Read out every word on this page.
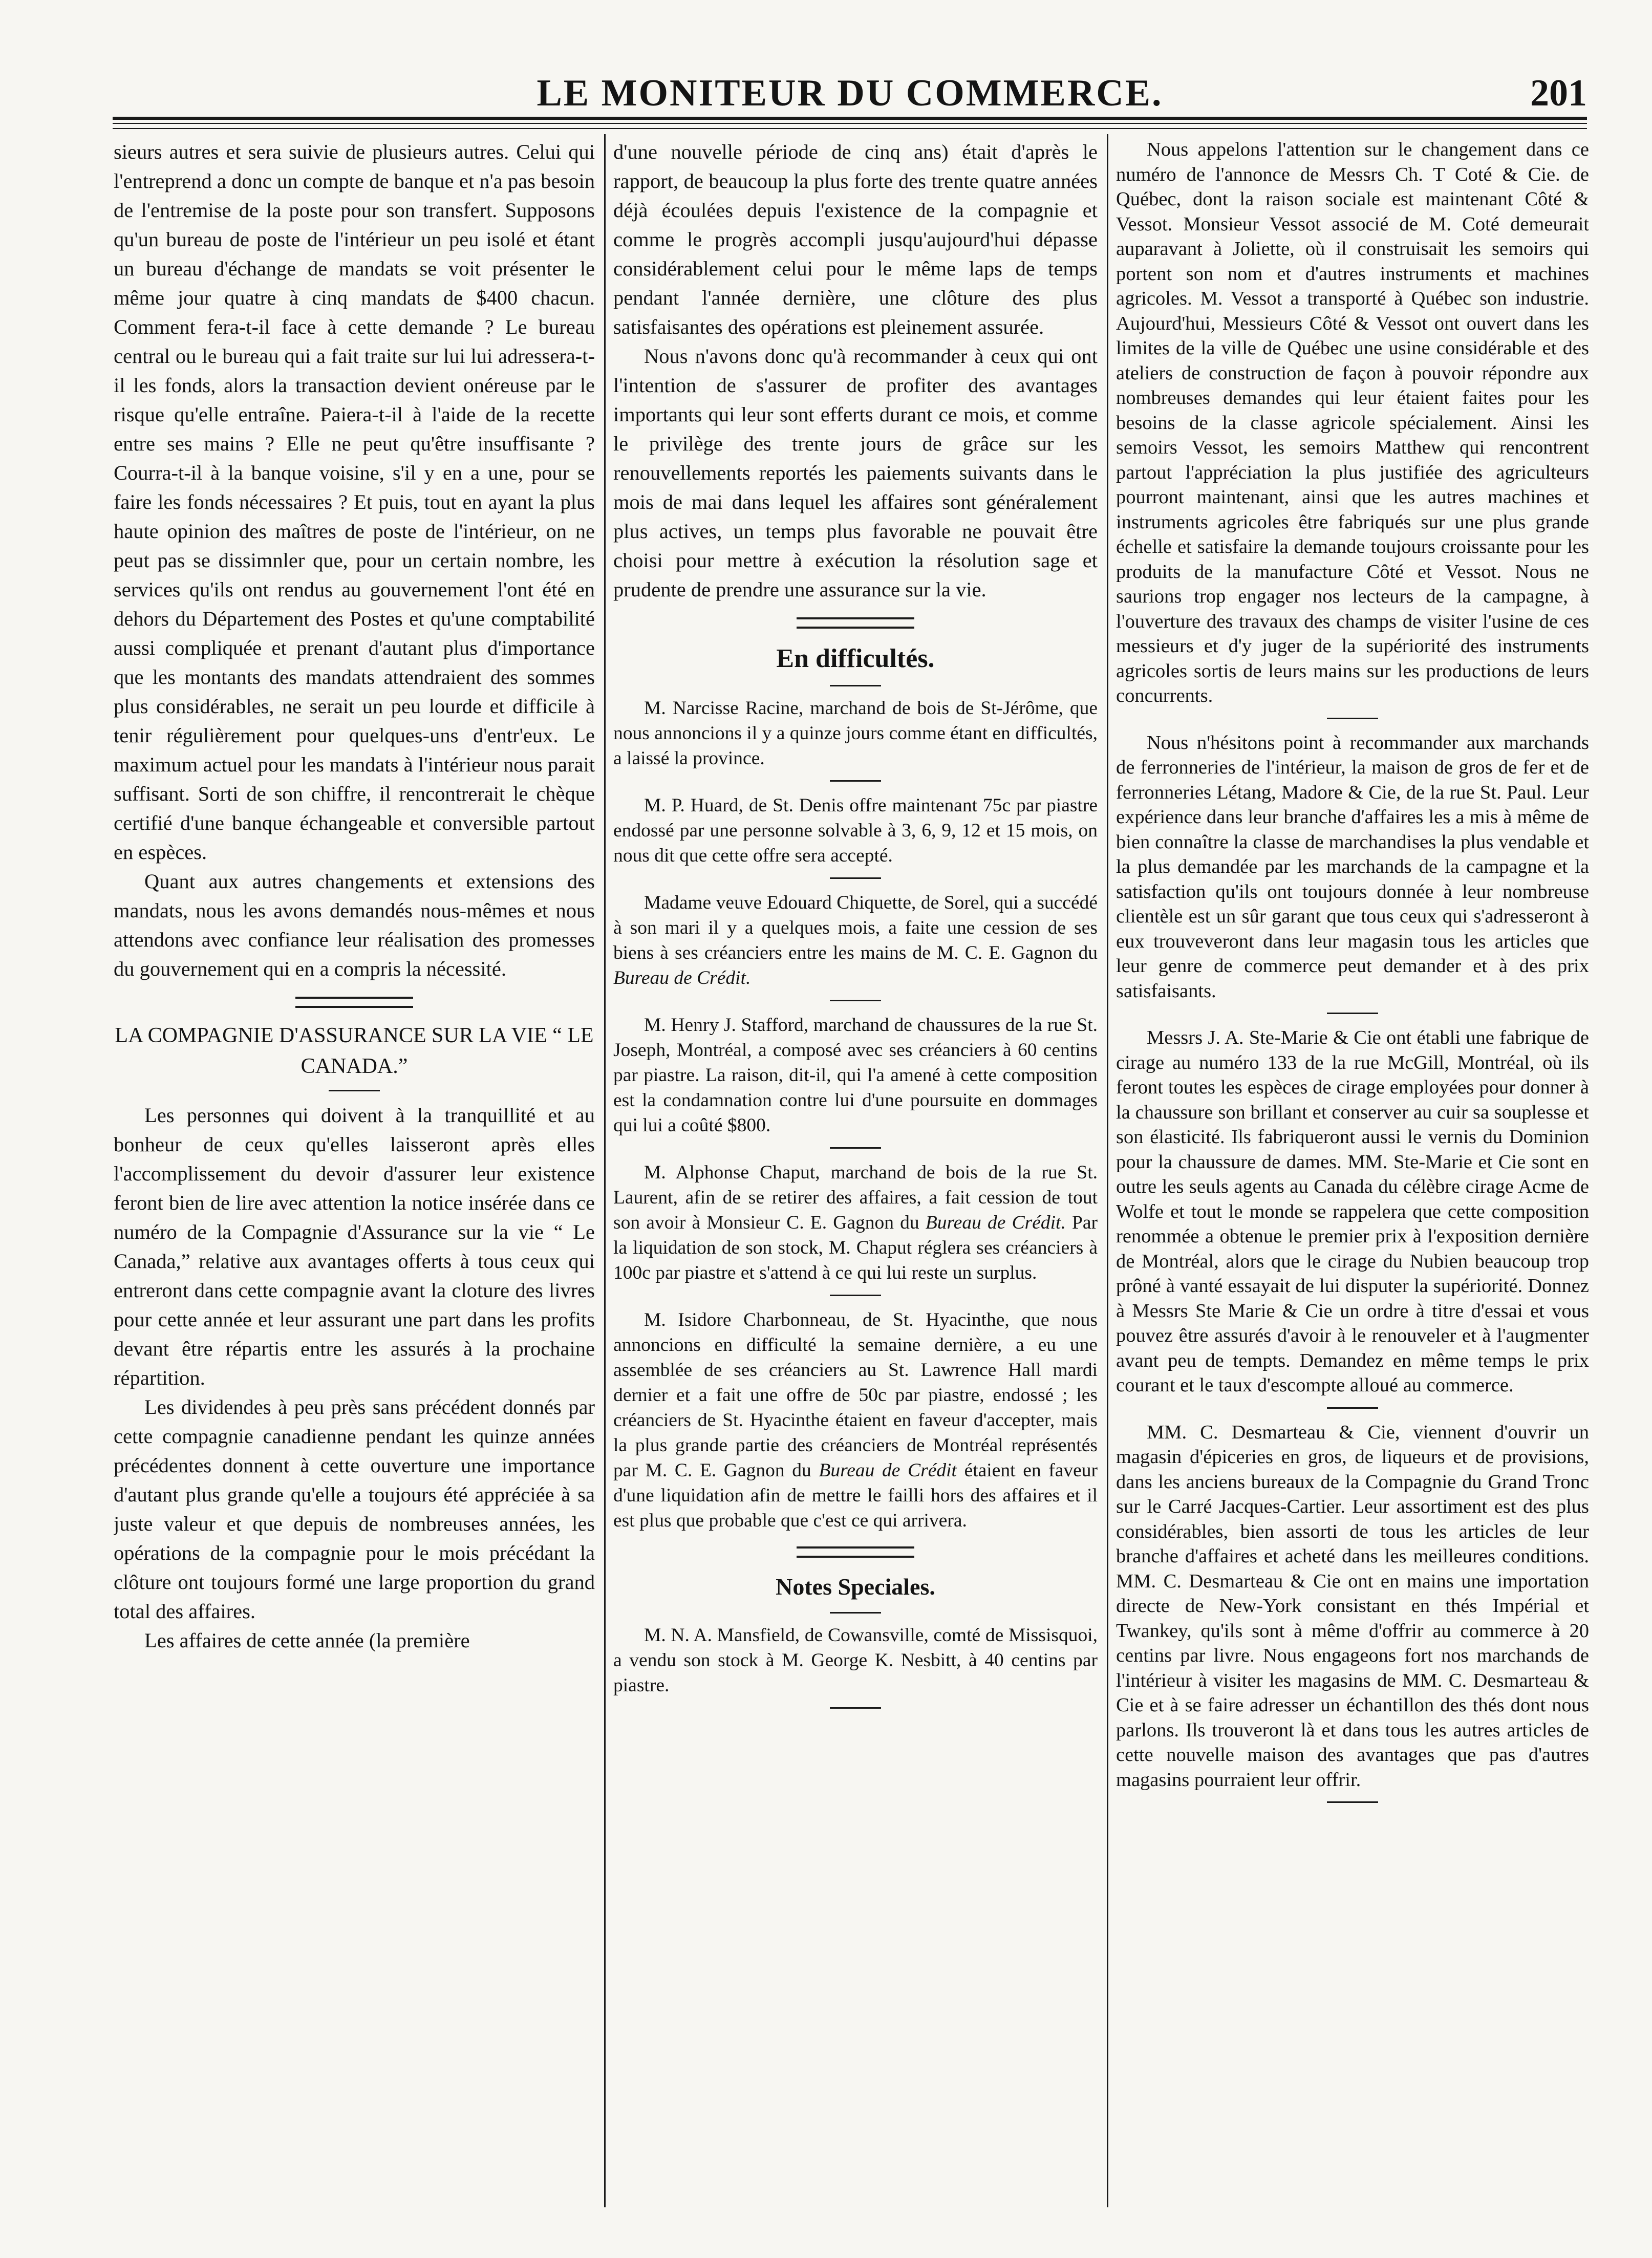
LE MONITEUR DU COMMERCE.	201

sieurs autres et sera suivie de plusieurs autres. Celui qui l'entreprend a donc un compte de banque et n'a pas besoin de l'entremise de la poste pour son transfert. Supposons qu'un bureau de poste de l'intérieur un peu isolé et étant un bureau d'échange de mandats se voit présenter le même jour quatre à cinq mandats de $400 chacun. Comment fera-t-il face à cette demande ? Le bureau central ou le bureau qui a fait traite sur lui lui adressera-t-il les fonds, alors la transaction devient onéreuse par le risque qu'elle entraîne. Paiera-t-il à l'aide de la recette entre ses mains ? Elle ne peut qu'être insuffisante ? Courra-t-il à la banque voisine, s'il y en a une, pour se faire les fonds nécessaires ? Et puis, tout en ayant la plus haute opinion des maîtres de poste de l'intérieur, on ne peut pas se dissimnler que, pour un certain nombre, les services qu'ils ont rendus au gouvernement l'ont été en dehors du Département des Postes et qu'une comptabilité aussi compliquée et prenant d'autant plus d'importance que les montants des mandats attendraient des sommes plus considérables, ne serait un peu lourde et difficile à tenir régulièrement pour quelques-uns d'entr'eux. Le maximum actuel pour les mandats à l'intérieur nous parait suffisant. Sorti de son chiffre, il rencontrerait le chèque certifié d'une banque échangeable et conversible partout en espèces.

Quant aux autres changements et extensions des mandats, nous les avons demandés nous-mêmes et nous attendons avec confiance leur réalisation des promesses du gouvernement qui en a compris la nécessité.

LA COMPAGNIE D'ASSURANCE SUR LA VIE “ LE CANADA.”

Les personnes qui doivent à la tranquillité et au bonheur de ceux qu'elles laisseront après elles l'accomplissement du devoir d'assurer leur existence feront bien de lire avec attention la notice insérée dans ce numéro de la Compagnie d'Assurance sur la vie “ Le Canada,” relative aux avantages offerts à tous ceux qui entreront dans cette compagnie avant la cloture des livres pour cette année et leur assurant une part dans les profits devant être répartis entre les assurés à la prochaine répartition.

Les dividendes à peu près sans précédent donnés par cette compagnie canadienne pendant les quinze années précédentes donnent à cette ouverture une importance d'autant plus grande qu'elle a toujours été appréciée à sa juste valeur et que depuis de nombreuses années, les opérations de la compagnie pour le mois précédant la clôture ont toujours formé une large proportion du grand total des affaires.

Les affaires de cette année (la première

d'une nouvelle période de cinq ans) était d'après le rapport, de beaucoup la plus forte des trente quatre années déjà écoulées depuis l'existence de la compagnie et comme le progrès accompli jusqu'aujourd'hui dépasse considérablement celui pour le même laps de temps pendant l'année dernière, une clôture des plus satisfaisantes des opérations est pleinement assurée.

Nous n'avons donc qu'à recommander à ceux qui ont l'intention de s'assurer de profiter des avantages importants qui leur sont efferts durant ce mois, et comme le privilège des trente jours de grâce sur les renouvellements reportés les paiements suivants dans le mois de mai dans lequel les affaires sont généralement plus actives, un temps plus favorable ne pouvait être choisi pour mettre à exécution la résolution sage et prudente de prendre une assurance sur la vie.

En difficultés.

M. Narcisse Racine, marchand de bois de St-Jérôme, que nous annoncions il y a quinze jours comme étant en difficultés, a laissé la province.

M. P. Huard, de St. Denis offre maintenant 75c par piastre endossé par une personne solvable à 3, 6, 9, 12 et 15 mois, on nous dit que cette offre sera accepté.

Madame veuve Edouard Chiquette, de Sorel, qui a succédé à son mari il y a quelques mois, a faite une cession de ses biens à ses créanciers entre les mains de M. C. E. Gagnon du Bureau de Crédit.

M. Henry J. Stafford, marchand de chaussures de la rue St. Joseph, Montréal, a composé avec ses créanciers à 60 centins par piastre. La raison, dit-il, qui l'a amené à cette composition est la condamnation contre lui d'une poursuite en dommages qui lui a coûté $800.

M. Alphonse Chaput, marchand de bois de la rue St. Laurent, afin de se retirer des affaires, a fait cession de tout son avoir à Monsieur C. E. Gagnon du Bureau de Crédit. Par la liquidation de son stock, M. Chaput réglera ses créanciers à 100c par piastre et s'attend à ce qui lui reste un surplus.

M. Isidore Charbonneau, de St. Hyacinthe, que nous annoncions en difficulté la semaine dernière, a eu une assemblée de ses créanciers au St. Lawrence Hall mardi dernier et a fait une offre de 50c par piastre, endossé ; les créanciers de St. Hyacinthe étaient en faveur d'accepter, mais la plus grande partie des créanciers de Montréal représentés par M. C. E. Gagnon du Bureau de Crédit étaient en faveur d'une liquidation afin de mettre le failli hors des affaires et il est plus que probable que c'est ce qui arrivera.

Notes Speciales.

M. N. A. Mansfield, de Cowansville, comté de Missisquoi, a vendu son stock à M. George K. Nesbitt, à 40 centins par piastre.

Nous appelons l'attention sur le changement dans ce numéro de l'annonce de Messrs Ch. T Coté & Cie. de Québec, dont la raison sociale est maintenant Côté & Vessot. Monsieur Vessot associé de M. Coté demeurait auparavant à Joliette, où il construisait les semoirs qui portent son nom et d'autres instruments et machines agricoles. M. Vessot a transporté à Québec son industrie. Aujourd'hui, Messieurs Côté & Vessot ont ouvert dans les limites de la ville de Québec une usine considérable et des ateliers de construction de façon à pouvoir répondre aux nombreuses demandes qui leur étaient faites pour les besoins de la classe agricole spécialement. Ainsi les semoirs Vessot, les semoirs Matthew qui rencontrent partout l'appréciation la plus justifiée des agriculteurs pourront maintenant, ainsi que les autres machines et instruments agricoles être fabriqués sur une plus grande échelle et satisfaire la demande toujours croissante pour les produits de la manufacture Côté et Vessot. Nous ne saurions trop engager nos lecteurs de la campagne, à l'ouverture des travaux des champs de visiter l'usine de ces messieurs et d'y juger de la supériorité des instruments agricoles sortis de leurs mains sur les productions de leurs concurrents.

Nous n'hésitons point à recommander aux marchands de ferronneries de l'intérieur, la maison de gros de fer et de ferronneries Létang, Madore & Cie, de la rue St. Paul. Leur expérience dans leur branche d'affaires les a mis à même de bien connaître la classe de marchandises la plus vendable et la plus demandée par les marchands de la campagne et la satisfaction qu'ils ont toujours donnée à leur nombreuse clientèle est un sûr garant que tous ceux qui s'adresseront à eux trouveveront dans leur magasin tous les articles que leur genre de commerce peut demander et à des prix satisfaisants.

Messrs J. A. Ste-Marie & Cie ont établi une fabrique de cirage au numéro 133 de la rue McGill, Montréal, où ils feront toutes les espèces de cirage employées pour donner à la chaussure son brillant et conserver au cuir sa souplesse et son élasticité. Ils fabriqueront aussi le vernis du Dominion pour la chaussure de dames. MM. Ste-Marie et Cie sont en outre les seuls agents au Canada du célèbre cirage Acme de Wolfe et tout le monde se rappelera que cette composition renommée a obtenue le premier prix à l'exposition dernière de Montréal, alors que le cirage du Nubien beaucoup trop prôné à vanté essayait de lui disputer la supériorité. Donnez à Messrs Ste Marie & Cie un ordre à titre d'essai et vous pouvez être assurés d'avoir à le renouveler et à l'augmenter avant peu de tempts. Demandez en même temps le prix courant et le taux d'escompte alloué au commerce.

MM. C. Desmarteau & Cie, viennent d'ouvrir un magasin d'épiceries en gros, de liqueurs et de provisions, dans les anciens bureaux de la Compagnie du Grand Tronc sur le Carré Jacques-Cartier. Leur assortiment est des plus considérables, bien assorti de tous les articles de leur branche d'affaires et acheté dans les meilleures conditions. MM. C. Desmarteau & Cie ont en mains une importation directe de New-York consistant en thés Impérial et Twankey, qu'ils sont à même d'offrir au commerce à 20 centins par livre. Nous engageons fort nos marchands de l'intérieur à visiter les magasins de MM. C. Desmarteau & Cie et à se faire adresser un échantillon des thés dont nous parlons. Ils trouveront là et dans tous les autres articles de cette nouvelle maison des avantages que pas d'autres magasins pourraient leur offrir.
